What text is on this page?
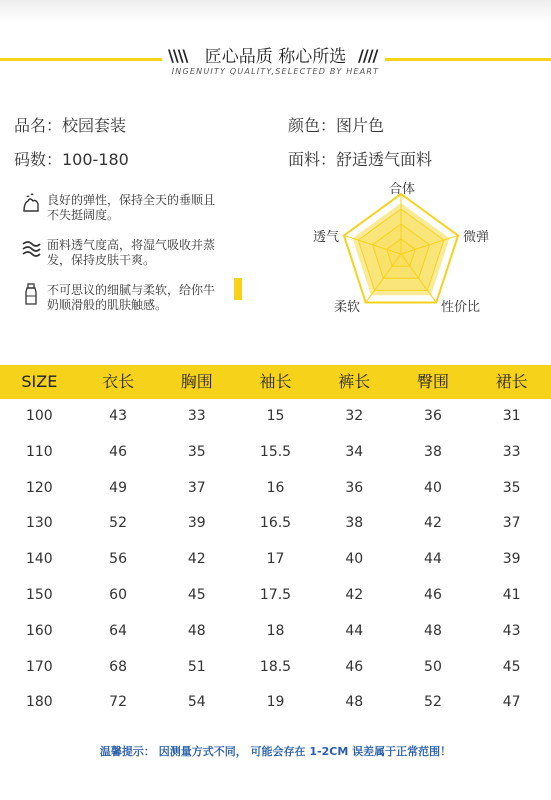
\\\\	////
匠心品质 称心所选
INGENUITY QUALITY,SELECTED BY HEART
品名：校园套装
码数：100-180
颜色：图片色
面料：舒适透气面料
良好的弹性，保持全天的垂顺且不失挺阔度。
面料透气度高，将湿气吸收并蒸发，保持皮肤干爽。
不可思议的细腻与柔软，给你牛奶顺滑般的肌肤触感。
合体
微弹
性价比
柔软
透气
SIZE	衣长	胸围	袖长	裤长	臀围	裙长
100	43	33	15	32	36	31
110	46	35	15.5	34	38	33
120	49	37	16	36	40	35
130	52	39	16.5	38	42	37
140	56	42	17	40	44	39
150	60	45	17.5	42	46	41
160	64	48	18	44	48	43
170	68	51	18.5	46	50	45
180	72	54	19	48	52	47
温馨提示： 因测量方式不同， 可能会存在 1-2CM 误差属于正常范围！
